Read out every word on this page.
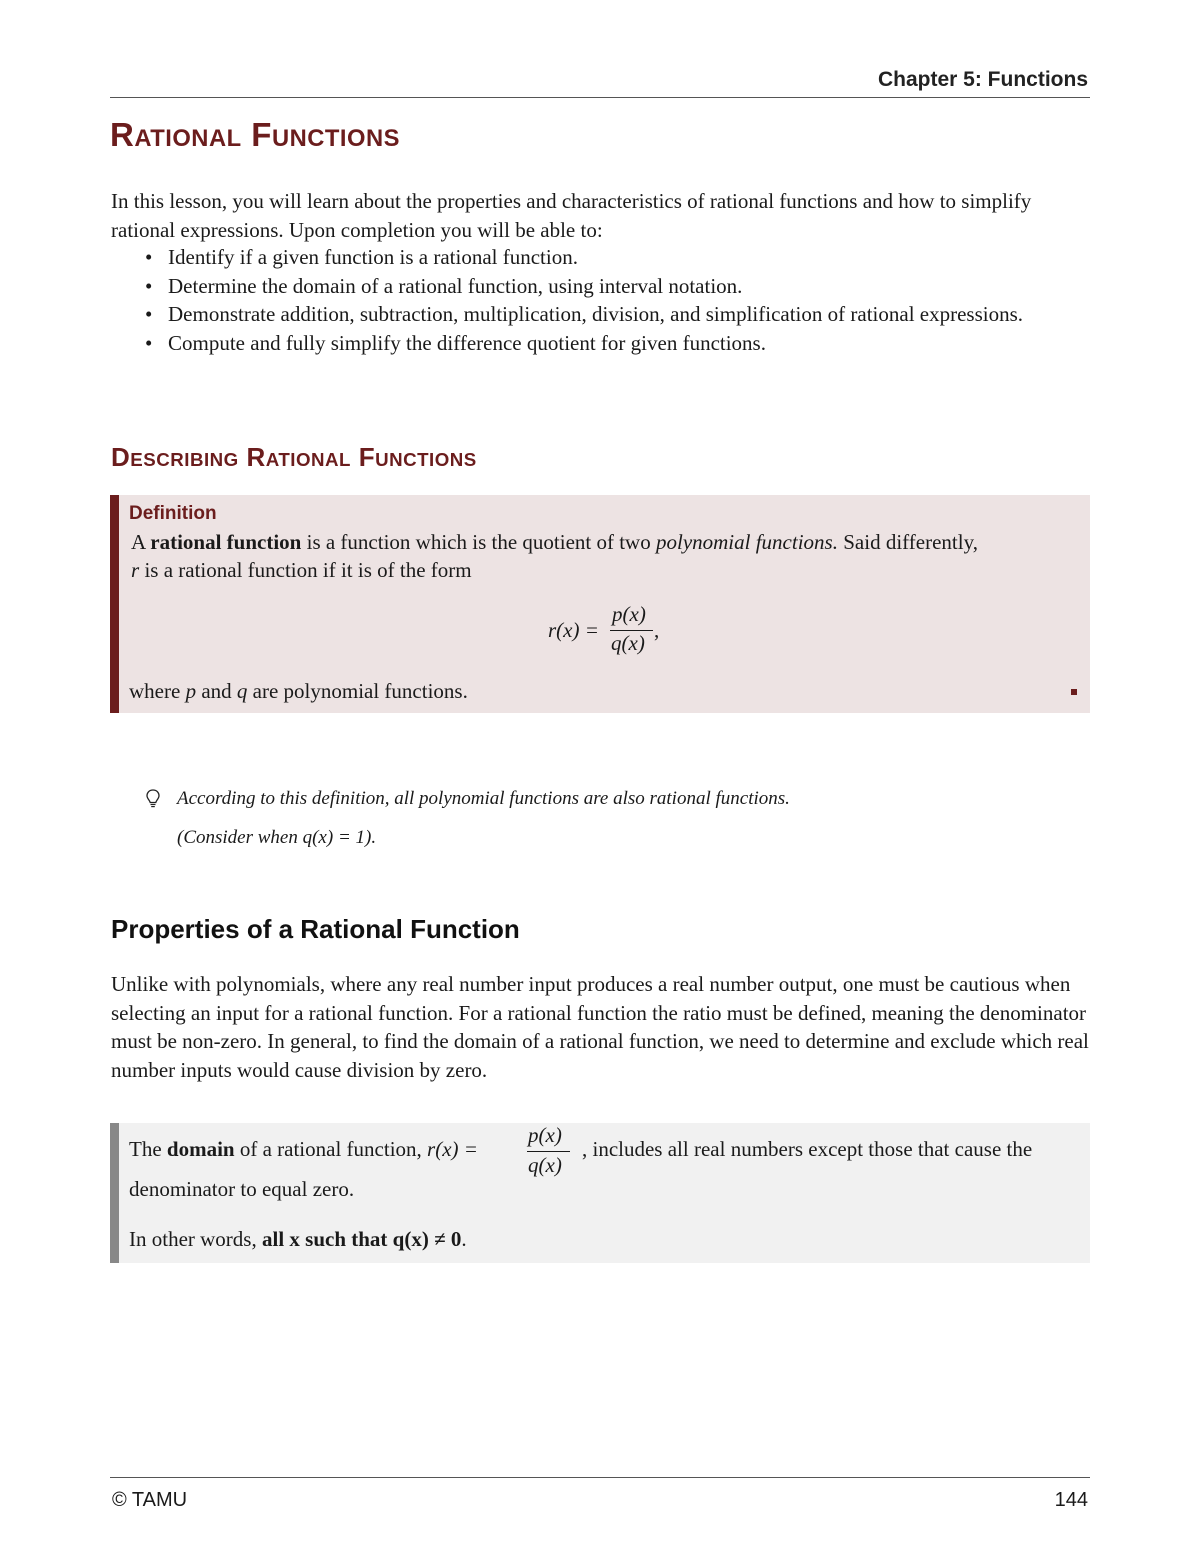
Chapter 5: Functions
RATIONAL FUNCTIONS
In this lesson, you will learn about the properties and characteristics of rational functions and how to simplify rational expressions. Upon completion you will be able to:
• Identify if a given function is a rational function.
• Determine the domain of a rational function, using interval notation.
• Demonstrate addition, subtraction, multiplication, division, and simplification of rational expressions.
• Compute and fully simplify the difference quotient for given functions.
DESCRIBING RATIONAL FUNCTIONS
Definition
A rational function is a function which is the quotient of two polynomial functions. Said differently,
r is a rational function if it is of the form
r(x) =
p(x)
q(x)
,
where p and q are polynomial functions.
According to this definition, all polynomial functions are also rational functions.
(Consider when q(x) = 1).
Properties of a Rational Function
Unlike with polynomials, where any real number input produces a real number output, one must be cautious when selecting an input for a rational function. For a rational function the ratio must be defined, meaning the denominator must be non-zero. In general, to find the domain of a rational function, we need to determine and exclude which real number inputs would cause division by zero.
The domain of a rational function, r(x) =
p(x)
q(x)
, includes all real numbers except those that cause the
denominator to equal zero.
In other words, all x such that q(x) ≠ 0.
© TAMU	144
